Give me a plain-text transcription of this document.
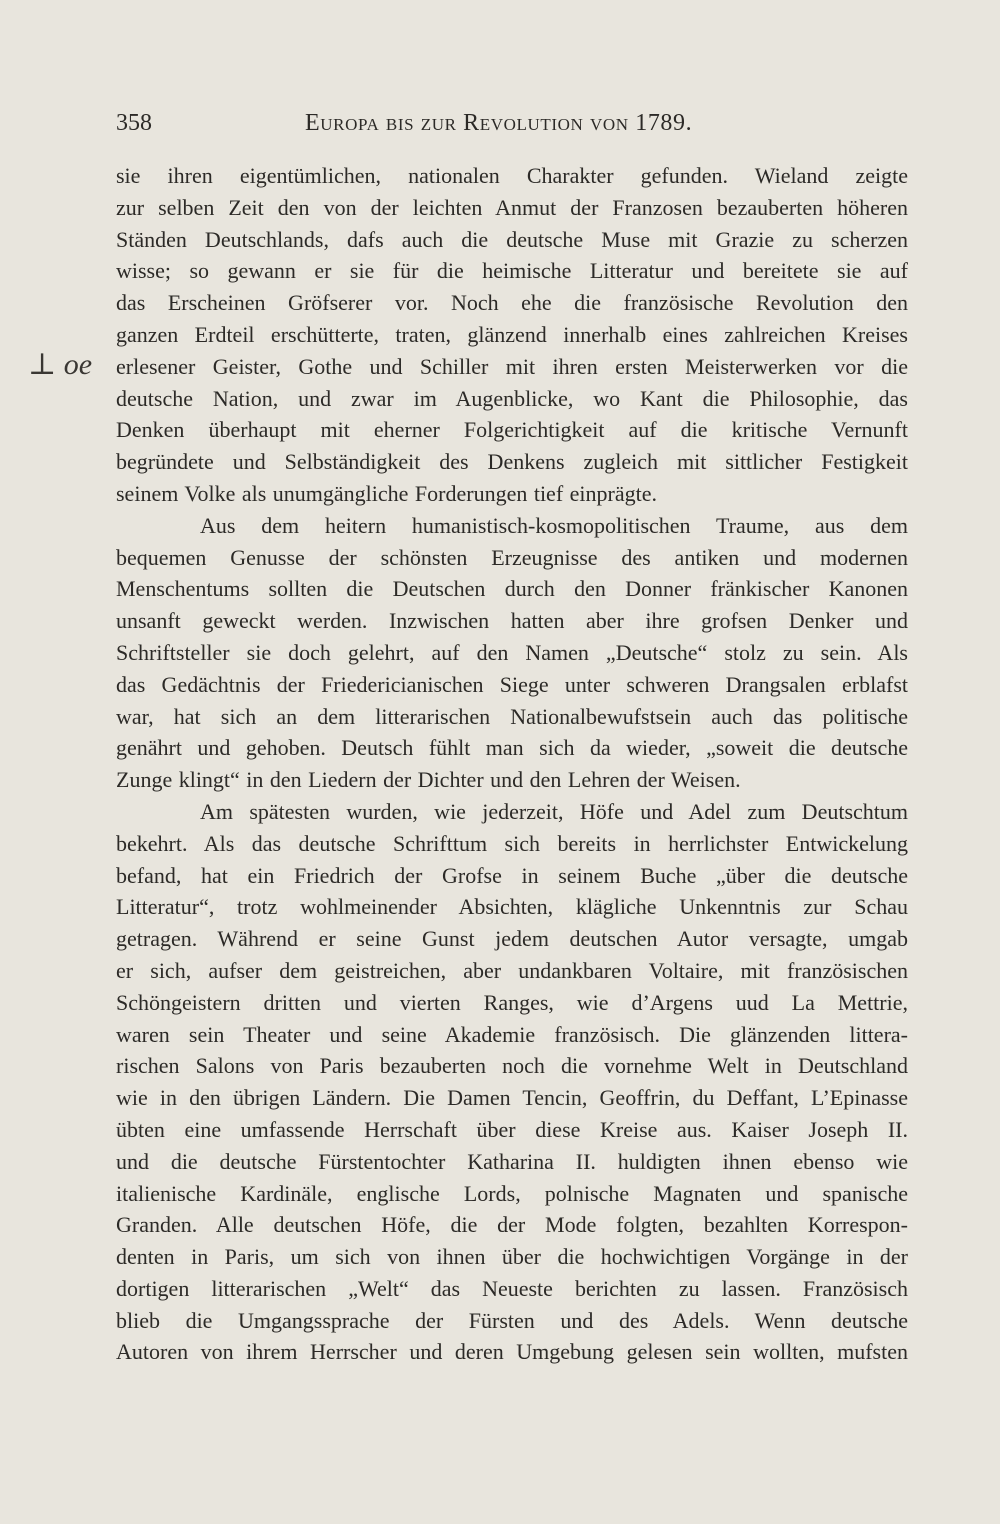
358	Europa bis zur Revolution von 1789.
⊥ oe
sie ihren eigentümlichen, nationalen Charakter gefunden. Wieland zeigte
zur selben Zeit den von der leichten Anmut der Franzosen bezauberten höheren
Ständen Deutschlands, dafs auch die deutsche Muse mit Grazie zu scherzen
wisse; so gewann er sie für die heimische Litteratur und bereitete sie auf
das Erscheinen Gröfserer vor. Noch ehe die französische Revolution den
ganzen Erdteil erschütterte, traten, glänzend innerhalb eines zahlreichen Kreises
erlesener Geister, Gothe und Schiller mit ihren ersten Meisterwerken vor die
deutsche Nation, und zwar im Augenblicke, wo Kant die Philosophie, das
Denken überhaupt mit eherner Folgerichtigkeit auf die kritische Vernunft
begründete und Selbständigkeit des Denkens zugleich mit sittlicher Festigkeit
seinem Volke als unumgängliche Forderungen tief einprägte.
Aus dem heitern humanistisch-kosmopolitischen Traume, aus dem
bequemen Genusse der schönsten Erzeugnisse des antiken und modernen
Menschentums sollten die Deutschen durch den Donner fränkischer Kanonen
unsanft geweckt werden. Inzwischen hatten aber ihre grofsen Denker und
Schriftsteller sie doch gelehrt, auf den Namen „Deutsche“ stolz zu sein. Als
das Gedächtnis der Friedericianischen Siege unter schweren Drangsalen erblafst
war, hat sich an dem litterarischen Nationalbewufstsein auch das politische
genährt und gehoben. Deutsch fühlt man sich da wieder, „soweit die deutsche
Zunge klingt“ in den Liedern der Dichter und den Lehren der Weisen.
Am spätesten wurden, wie jederzeit, Höfe und Adel zum Deutschtum
bekehrt. Als das deutsche Schrifttum sich bereits in herrlichster Entwickelung
befand, hat ein Friedrich der Grofse in seinem Buche „über die deutsche
Litteratur“, trotz wohlmeinender Absichten, klägliche Unkenntnis zur Schau
getragen. Während er seine Gunst jedem deutschen Autor versagte, umgab
er sich, aufser dem geistreichen, aber undankbaren Voltaire, mit französischen
Schöngeistern dritten und vierten Ranges, wie d’Argens uud La Mettrie,
waren sein Theater und seine Akademie französisch. Die glänzenden littera-
rischen Salons von Paris bezauberten noch die vornehme Welt in Deutschland
wie in den übrigen Ländern. Die Damen Tencin, Geoffrin, du Deffant, L’Epinasse
übten eine umfassende Herrschaft über diese Kreise aus. Kaiser Joseph II.
und die deutsche Fürstentochter Katharina II. huldigten ihnen ebenso wie
italienische Kardinäle, englische Lords, polnische Magnaten und spanische
Granden. Alle deutschen Höfe, die der Mode folgten, bezahlten Korrespon-
denten in Paris, um sich von ihnen über die hochwichtigen Vorgänge in der
dortigen litterarischen „Welt“ das Neueste berichten zu lassen. Französisch
blieb die Umgangssprache der Fürsten und des Adels. Wenn deutsche
Autoren von ihrem Herrscher und deren Umgebung gelesen sein wollten, mufsten
